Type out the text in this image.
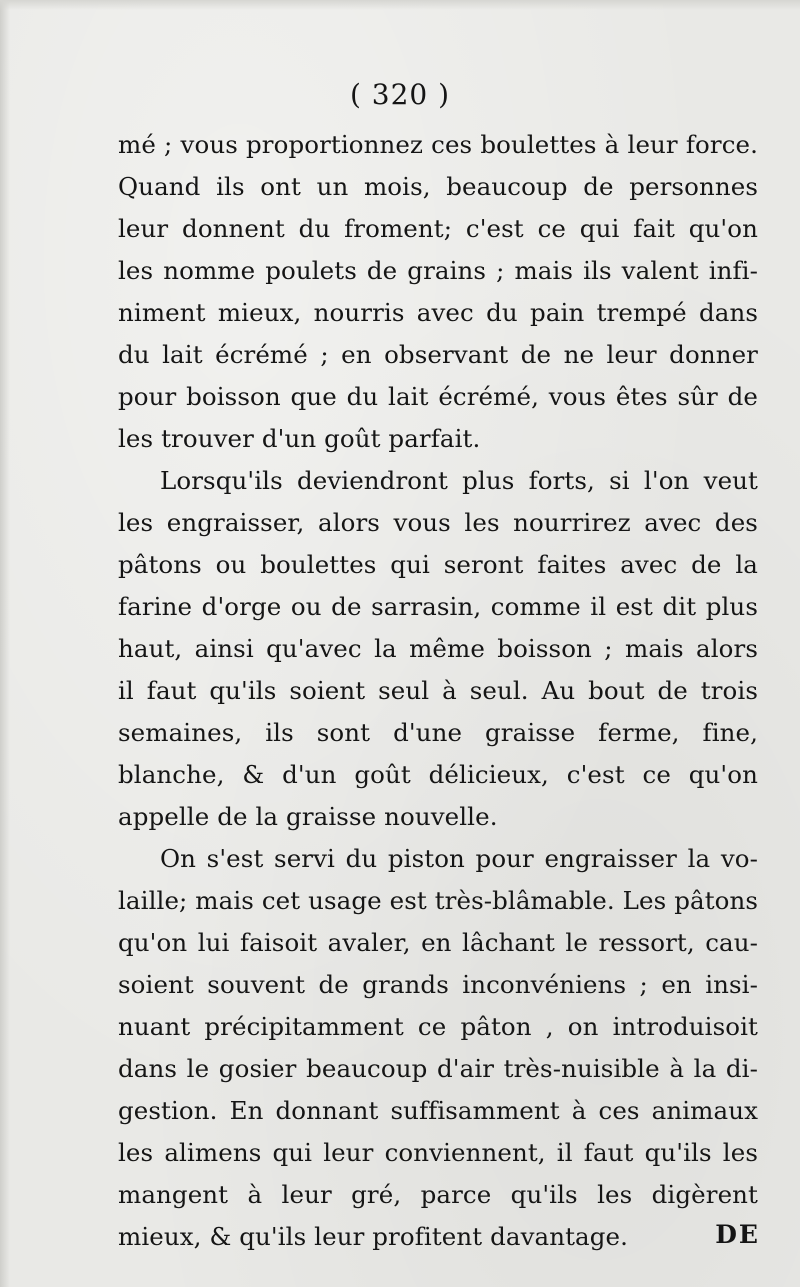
( 320 )
mé ; vous proportionnez ces boulettes à leur force.
Quand ils ont un mois, beaucoup de personnes
leur donnent du froment; c'est ce qui fait qu'on
les nomme poulets de grains ; mais ils valent infi-
niment mieux, nourris avec du pain trempé dans
du lait écrémé ; en observant de ne leur donner
pour boisson que du lait écrémé, vous êtes sûr de
les trouver d'un goût parfait.
Lorsqu'ils deviendront plus forts, si l'on veut
les engraisser, alors vous les nourrirez avec des
pâtons ou boulettes qui seront faites avec de la
farine d'orge ou de sarrasin, comme il est dit plus
haut, ainsi qu'avec la même boisson ; mais alors
il faut qu'ils soient seul à seul. Au bout de trois
semaines, ils sont d'une graisse ferme, fine,
blanche, & d'un goût délicieux, c'est ce qu'on
appelle de la graisse nouvelle.
On s'est servi du piston pour engraisser la vo-
laille; mais cet usage est très-blâmable. Les pâtons
qu'on lui faisoit avaler, en lâchant le ressort, cau-
soient souvent de grands inconvéniens ; en insi-
nuant précipitamment ce pâton , on introduisoit
dans le gosier beaucoup d'air très-nuisible à la di-
gestion. En donnant suffisamment à ces animaux
les alimens qui leur conviennent, il faut qu'ils les
mangent à leur gré, parce qu'ils les digèrent
mieux, & qu'ils leur profitent davantage.	DE
